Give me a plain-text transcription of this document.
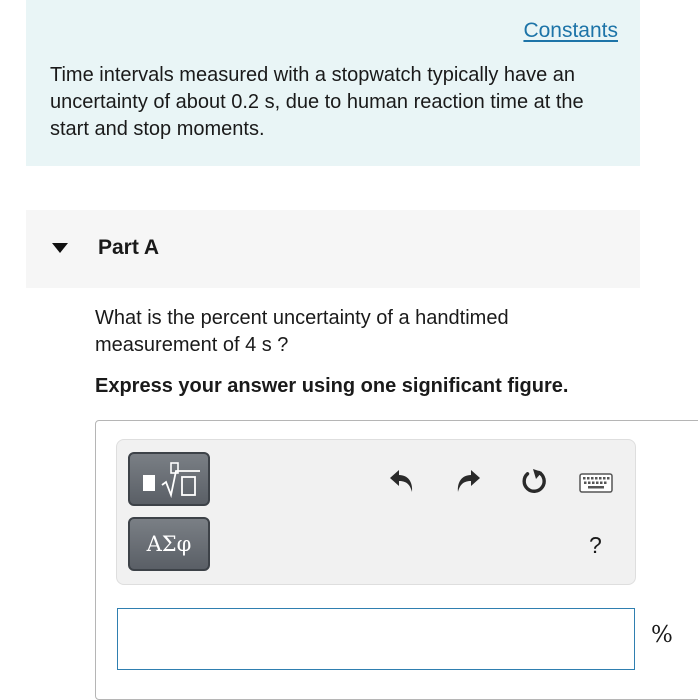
Constants
Time intervals measured with a stopwatch typically have an uncertainty of about 0.2 s, due to human reaction time at the start and stop moments.
Part A
What is the percent uncertainty of a handtimed measurement of 4 s ?
Express your answer using one significant figure.
ΑΣφ	?
%
